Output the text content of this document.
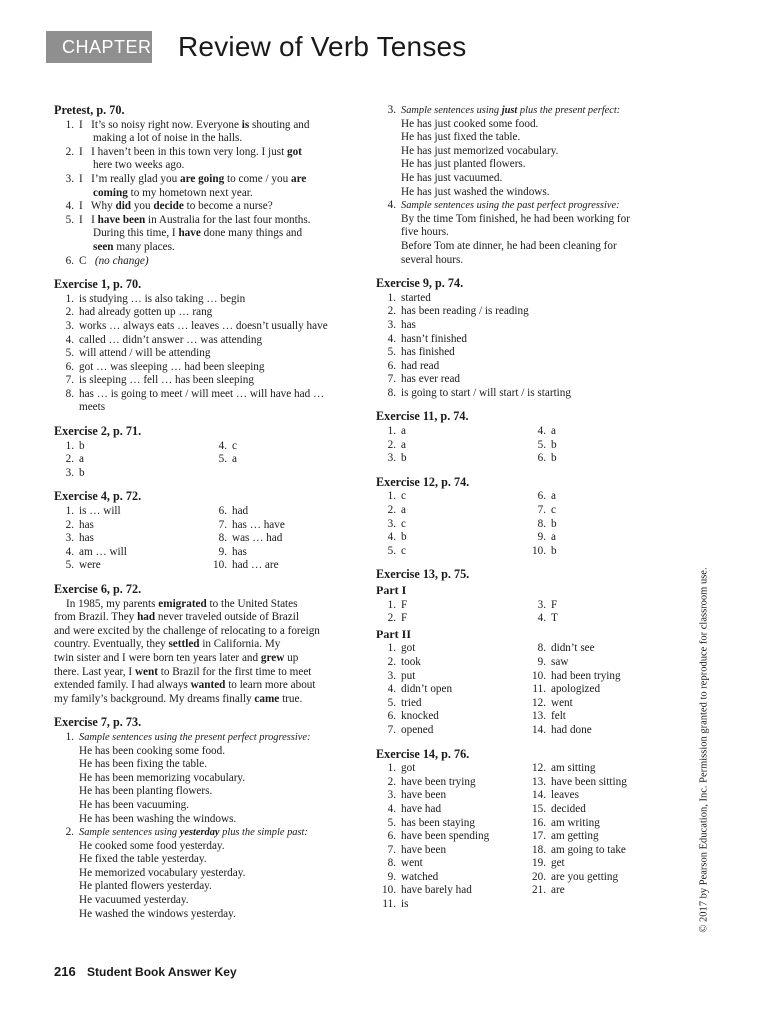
CHAPTER 4
Review of Verb Tenses
Pretest, p. 70.
1. I   It’s so noisy right now. Everyone is shouting and
making a lot of noise in the halls.
2. I   I haven’t been in this town very long. I just got
here two weeks ago.
3. I   I’m really glad you are going to come / you are
coming to my hometown next year.
4. I   Why did you decide to become a nurse?
5. I   I have been in Australia for the last four months.
During this time, I have done many things and
seen many places.
6. C   (no change)
Exercise 1, p. 70.
1. is studying … is also taking … begin
2. had already gotten up … rang
3. works … always eats … leaves … doesn’t usually have
4. called … didn’t answer … was attending
5. will attend / will be attending
6. got … was sleeping … had been sleeping
7. is sleeping … fell … has been sleeping
8. has … is going to meet / will meet … will have had …
meets
Exercise 2, p. 71.
1. b
2. a
3. b
4. c
5. a
Exercise 4, p. 72.
1. is … will
2. has
3. has
4. am … will
5. were
6. had
7. has … have
8. was … had
9. has
10. had … are
Exercise 6, p. 72.
In 1985, my parents emigrated to the United States
from Brazil. They had never traveled outside of Brazil
and were excited by the challenge of relocating to a foreign
country. Eventually, they settled in California. My
twin sister and I were born ten years later and grew up
there. Last year, I went to Brazil for the first time to meet
extended family. I had always wanted to learn more about
my family’s background. My dreams finally came true.
Exercise 7, p. 73.
1. Sample sentences using the present perfect progressive:
He has been cooking some food.
He has been fixing the table.
He has been memorizing vocabulary.
He has been planting flowers.
He has been vacuuming.
He has been washing the windows.
2. Sample sentences using yesterday plus the simple past:
He cooked some food yesterday.
He fixed the table yesterday.
He memorized vocabulary yesterday.
He planted flowers yesterday.
He vacuumed yesterday.
He washed the windows yesterday.
3. Sample sentences using just plus the present perfect:
He has just cooked some food.
He has just fixed the table.
He has just memorized vocabulary.
He has just planted flowers.
He has just vacuumed.
He has just washed the windows.
4. Sample sentences using the past perfect progressive:
By the time Tom finished, he had been working for
five hours.
Before Tom ate dinner, he had been cleaning for
several hours.
Exercise 9, p. 74.
1. started
2. has been reading / is reading
3. has
4. hasn’t finished
5. has finished
6. had read
7. has ever read
8. is going to start / will start / is starting
Exercise 11, p. 74.
1. a
2. a
3. b
4. a
5. b
6. b
Exercise 12, p. 74.
1. c
2. a
3. c
4. b
5. c
6. a
7. c
8. b
9. a
10. b
Exercise 13, p. 75.
Part I
1. F
2. F
3. F
4. T
Part II
1. got
2. took
3. put
4. didn’t open
5. tried
6. knocked
7. opened
8. didn’t see
9. saw
10. had been trying
11. apologized
12. went
13. felt
14. had done
Exercise 14, p. 76.
1. got
2. have been trying
3. have been
4. have had
5. has been staying
6. have been spending
7. have been
8. went
9. watched
10. have barely had
11. is
12. am sitting
13. have been sitting
14. leaves
15. decided
16. am writing
17. am getting
18. am going to take
19. get
20. are you getting
21. are
216 Student Book Answer Key
© 2017 by Pearson Education, Inc. Permission granted to reproduce for classroom use.
